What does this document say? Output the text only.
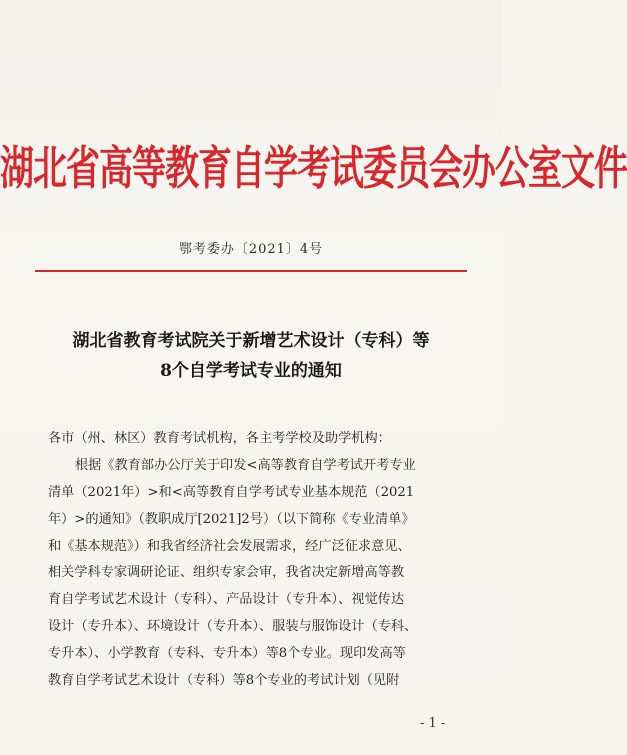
湖北省高等教育自学考试委员会办公室文件
鄂考委办〔2021〕4号
湖北省教育考试院关于新增艺术设计（专科）等
8个自学考试专业的通知
各市（州、林区）教育考试机构，各主考学校及助学机构：
根据《教育部办公厅关于印发<高等教育自学考试开考专业
清单（2021年）>和<高等教育自学考试专业基本规范（2021
年）>的通知》（教职成厅[2021]2号）（以下简称《专业清单》
和《基本规范》）和我省经济社会发展需求，经广泛征求意见、
相关学科专家调研论证、组织专家会审，我省决定新增高等教
育自学考试艺术设计（专科）、产品设计（专升本）、视觉传达
设计（专升本）、环境设计（专升本）、服装与服饰设计（专科、
专升本）、小学教育（专科、专升本）等8个专业。现印发高等
教育自学考试艺术设计（专科）等8个专业的考试计划（见附
- 1 -
